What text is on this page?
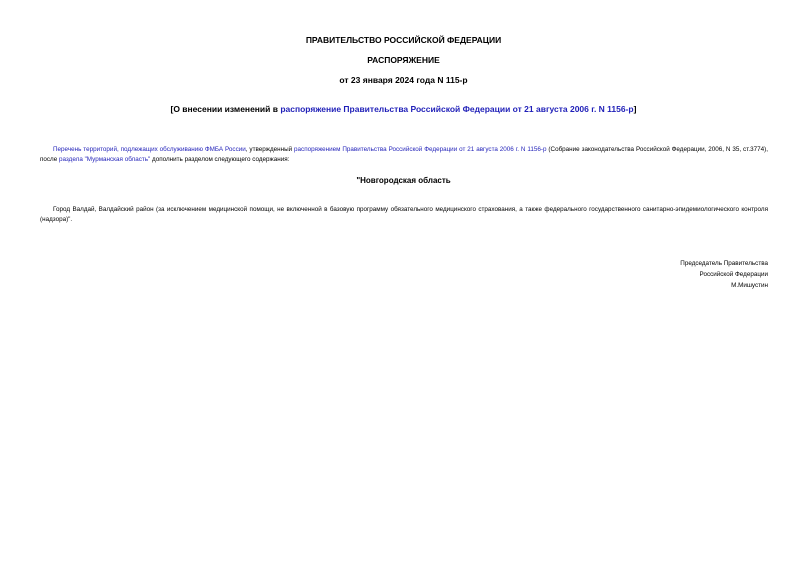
ПРАВИТЕЛЬСТВО РОССИЙСКОЙ ФЕДЕРАЦИИ
РАСПОРЯЖЕНИЕ
от 23 января 2024 года N 115-р
[О внесении изменений в распоряжение Правительства Российской Федерации от 21 августа 2006 г. N 1156-р]
Перечень территорий, подлежащих обслуживанию ФМБА России, утвержденный распоряжением Правительства Российской Федерации от 21 августа 2006 г. N 1156-р (Собрание законодательства Российской Федерации, 2006, N 35, ст.3774), после раздела "Мурманская область" дополнить разделом следующего содержания:
"Новгородская область
Город Валдай, Валдайский район (за исключением медицинской помощи, не включенной в базовую программу обязательного медицинского страхования, а также федерального государственного санитарно-эпидемиологического контроля (надзора)".
Председатель Правительства
Российской Федерации
М.Мишустин
